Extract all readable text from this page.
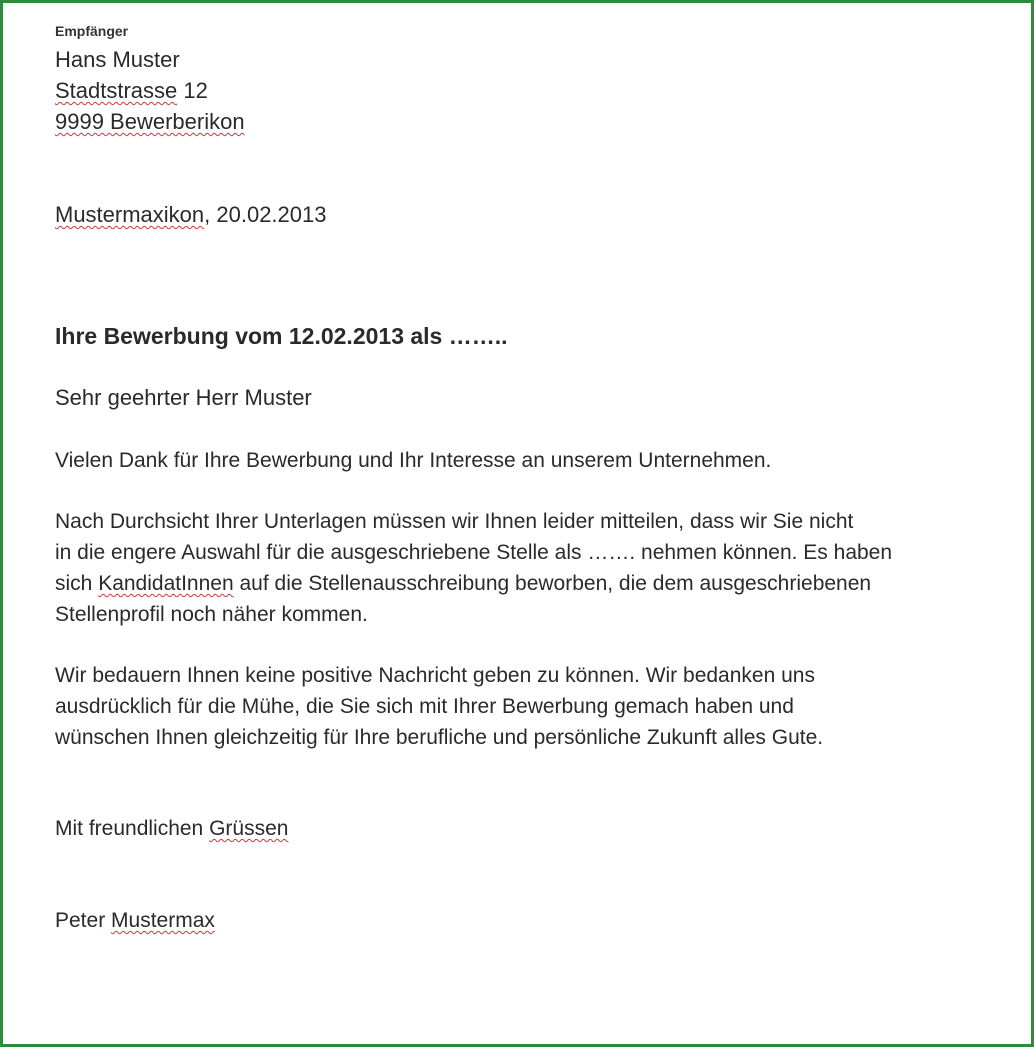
Empfänger
Hans Muster
Stadtstrasse 12
9999 Bewerberikon
Mustermaxikon, 20.02.2013
Ihre Bewerbung vom 12.02.2013 als ……..
Sehr geehrter Herr Muster
Vielen Dank für Ihre Bewerbung und Ihr Interesse an unserem Unternehmen.
Nach Durchsicht Ihrer Unterlagen müssen wir Ihnen leider mitteilen, dass wir Sie nicht
in die engere Auswahl für die ausgeschriebene Stelle als ……. nehmen können. Es haben
sich KandidatInnen auf die Stellenausschreibung beworben, die dem ausgeschriebenen
Stellenprofil noch näher kommen.
Wir bedauern Ihnen keine positive Nachricht geben zu können. Wir bedanken uns
ausdrücklich für die Mühe, die Sie sich mit Ihrer Bewerbung gemach haben und
wünschen Ihnen gleichzeitig für Ihre berufliche und persönliche Zukunft alles Gute.
Mit freundlichen Grüssen
Peter Mustermax
